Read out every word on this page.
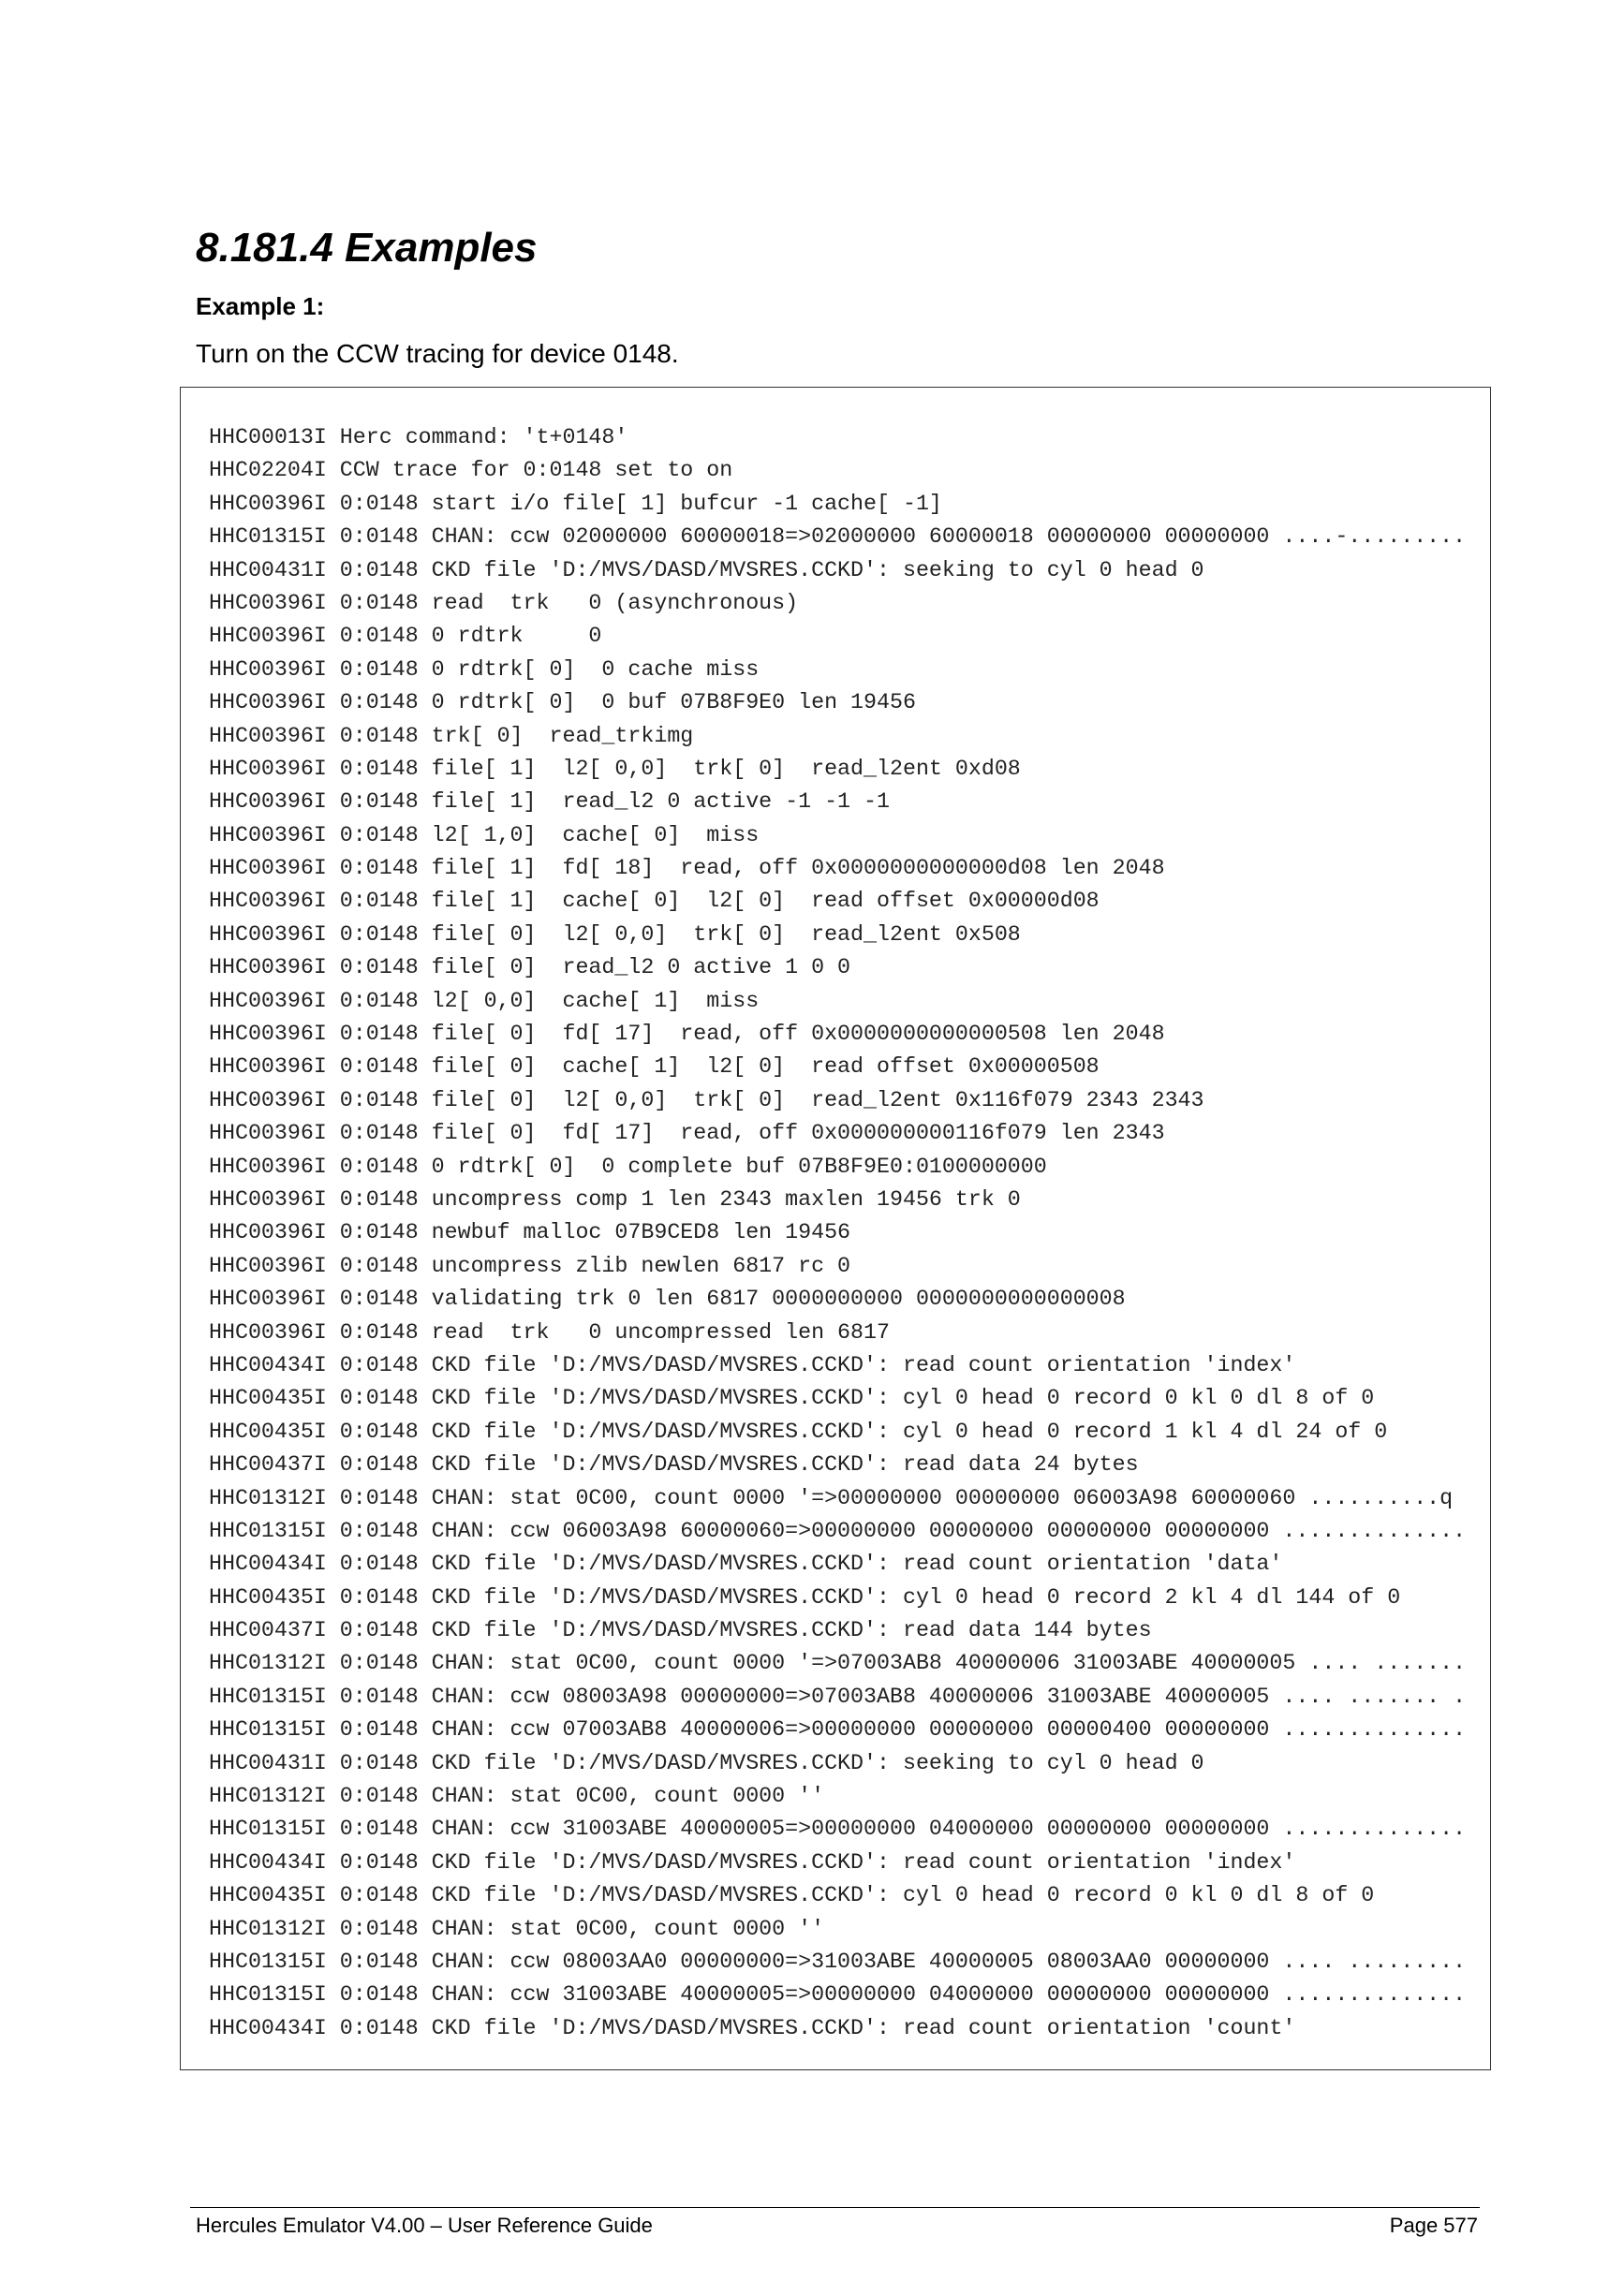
8.181.4 Examples
Example 1:
Turn on the CCW tracing for device 0148.
HHC00013I Herc command: 't+0148'
HHC02204I CCW trace for 0:0148 set to on
HHC00396I 0:0148 start i/o file[ 1] bufcur -1 cache[ -1]
HHC01315I 0:0148 CHAN: ccw 02000000 60000018=>02000000 60000018 00000000 00000000 ....-.........
HHC00431I 0:0148 CKD file 'D:/MVS/DASD/MVSRES.CCKD': seeking to cyl 0 head 0
HHC00396I 0:0148 read  trk   0 (asynchronous)
HHC00396I 0:0148 0 rdtrk     0
HHC00396I 0:0148 0 rdtrk[ 0]  0 cache miss
HHC00396I 0:0148 0 rdtrk[ 0]  0 buf 07B8F9E0 len 19456
HHC00396I 0:0148 trk[ 0]  read_trkimg
HHC00396I 0:0148 file[ 1]  l2[ 0,0]  trk[ 0]  read_l2ent 0xd08
HHC00396I 0:0148 file[ 1]  read_l2 0 active -1 -1 -1
HHC00396I 0:0148 l2[ 1,0]  cache[ 0]  miss
HHC00396I 0:0148 file[ 1]  fd[ 18]  read, off 0x0000000000000d08 len 2048
HHC00396I 0:0148 file[ 1]  cache[ 0]  l2[ 0]  read offset 0x00000d08
HHC00396I 0:0148 file[ 0]  l2[ 0,0]  trk[ 0]  read_l2ent 0x508
HHC00396I 0:0148 file[ 0]  read_l2 0 active 1 0 0
HHC00396I 0:0148 l2[ 0,0]  cache[ 1]  miss
HHC00396I 0:0148 file[ 0]  fd[ 17]  read, off 0x0000000000000508 len 2048
HHC00396I 0:0148 file[ 0]  cache[ 1]  l2[ 0]  read offset 0x00000508
HHC00396I 0:0148 file[ 0]  l2[ 0,0]  trk[ 0]  read_l2ent 0x116f079 2343 2343
HHC00396I 0:0148 file[ 0]  fd[ 17]  read, off 0x000000000116f079 len 2343
HHC00396I 0:0148 0 rdtrk[ 0]  0 complete buf 07B8F9E0:0100000000
HHC00396I 0:0148 uncompress comp 1 len 2343 maxlen 19456 trk 0
HHC00396I 0:0148 newbuf malloc 07B9CED8 len 19456
HHC00396I 0:0148 uncompress zlib newlen 6817 rc 0
HHC00396I 0:0148 validating trk 0 len 6817 0000000000 0000000000000008
HHC00396I 0:0148 read  trk   0 uncompressed len 6817
HHC00434I 0:0148 CKD file 'D:/MVS/DASD/MVSRES.CCKD': read count orientation 'index'
HHC00435I 0:0148 CKD file 'D:/MVS/DASD/MVSRES.CCKD': cyl 0 head 0 record 0 kl 0 dl 8 of 0
HHC00435I 0:0148 CKD file 'D:/MVS/DASD/MVSRES.CCKD': cyl 0 head 0 record 1 kl 4 dl 24 of 0
HHC00437I 0:0148 CKD file 'D:/MVS/DASD/MVSRES.CCKD': read data 24 bytes
HHC01312I 0:0148 CHAN: stat 0C00, count 0000 '=>00000000 00000000 06003A98 60000060 ..........q
HHC01315I 0:0148 CHAN: ccw 06003A98 60000060=>00000000 00000000 00000000 00000000 ..............
HHC00434I 0:0148 CKD file 'D:/MVS/DASD/MVSRES.CCKD': read count orientation 'data'
HHC00435I 0:0148 CKD file 'D:/MVS/DASD/MVSRES.CCKD': cyl 0 head 0 record 2 kl 4 dl 144 of 0
HHC00437I 0:0148 CKD file 'D:/MVS/DASD/MVSRES.CCKD': read data 144 bytes
HHC01312I 0:0148 CHAN: stat 0C00, count 0000 '=>07003AB8 40000006 31003ABE 40000005 .... .......
HHC01315I 0:0148 CHAN: ccw 08003A98 00000000=>07003AB8 40000006 31003ABE 40000005 .... ....... .
HHC01315I 0:0148 CHAN: ccw 07003AB8 40000006=>00000000 00000000 00000400 00000000 ..............
HHC00431I 0:0148 CKD file 'D:/MVS/DASD/MVSRES.CCKD': seeking to cyl 0 head 0
HHC01312I 0:0148 CHAN: stat 0C00, count 0000 ''
HHC01315I 0:0148 CHAN: ccw 31003ABE 40000005=>00000000 04000000 00000000 00000000 ..............
HHC00434I 0:0148 CKD file 'D:/MVS/DASD/MVSRES.CCKD': read count orientation 'index'
HHC00435I 0:0148 CKD file 'D:/MVS/DASD/MVSRES.CCKD': cyl 0 head 0 record 0 kl 0 dl 8 of 0
HHC01312I 0:0148 CHAN: stat 0C00, count 0000 ''
HHC01315I 0:0148 CHAN: ccw 08003AA0 00000000=>31003ABE 40000005 08003AA0 00000000 .... .........
HHC01315I 0:0148 CHAN: ccw 31003ABE 40000005=>00000000 04000000 00000000 00000000 ..............
HHC00434I 0:0148 CKD file 'D:/MVS/DASD/MVSRES.CCKD': read count orientation 'count'
Hercules Emulator V4.00 – User Reference Guide	Page 577
